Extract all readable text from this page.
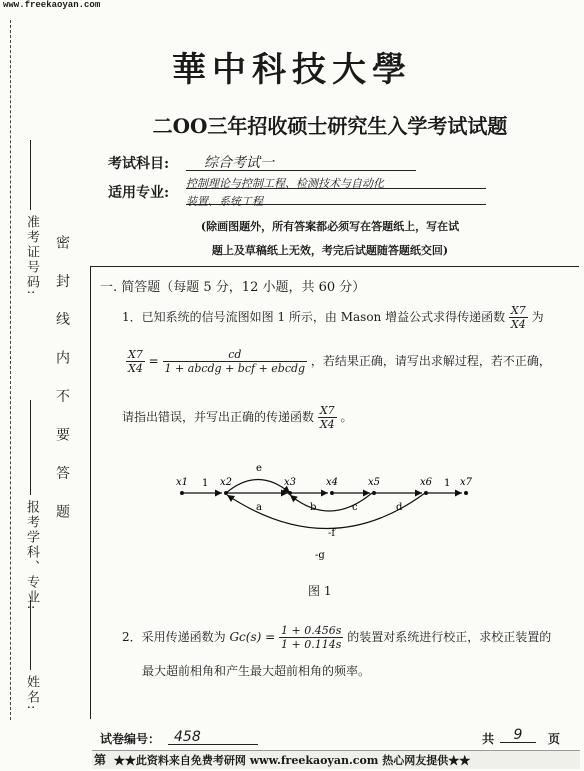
www.freekaoyan.com
准考证号码: 密 封 线 内 不 要 答 题
报考学科、专业:
姓名:
華中科技大學
二OO三年招收硕士研究生入学考试试题
考试科目:	综合考试一
适用专业:
控制理论与控制工程、检测技术与自动化
装置、系统工程
(除画图题外，所有答案都必须写在答题纸上，写在试
题上及草稿纸上无效，考完后试题随答题纸交回)
一. 简答题（每题 5 分，12 小题，共 60 分）
1．已知系统的信号流图如图 1 所示，由 Mason 增益公式求得传递函数 $\frac{X7}{X4}$ 为
$\frac{X7}{X4} = \frac{cd}{\text{1 + abcdg + bcf + ebcdg}}$ ，若结果正确，请写出求解过程，若不正确，
请指出错误，并写出正确的传递函数 $\frac{X7}{X4}$ 。
x1	x2	x3	x4	x5	x6	x7
1
a	b	c	d
1
e
-f
-g
图 1
2．采用传递函数为 $Gc(s) = \frac{1 + 0.456s}{1 + 0.114s}$ 的装置对系统进行校正，求校正装置的
最大超前相角和产生最大超前相角的频率。
试卷编号： 458	共	9	页
第 ★★此资料来自免费考研网 www.freekaoyan.com 热心网友提供★★
